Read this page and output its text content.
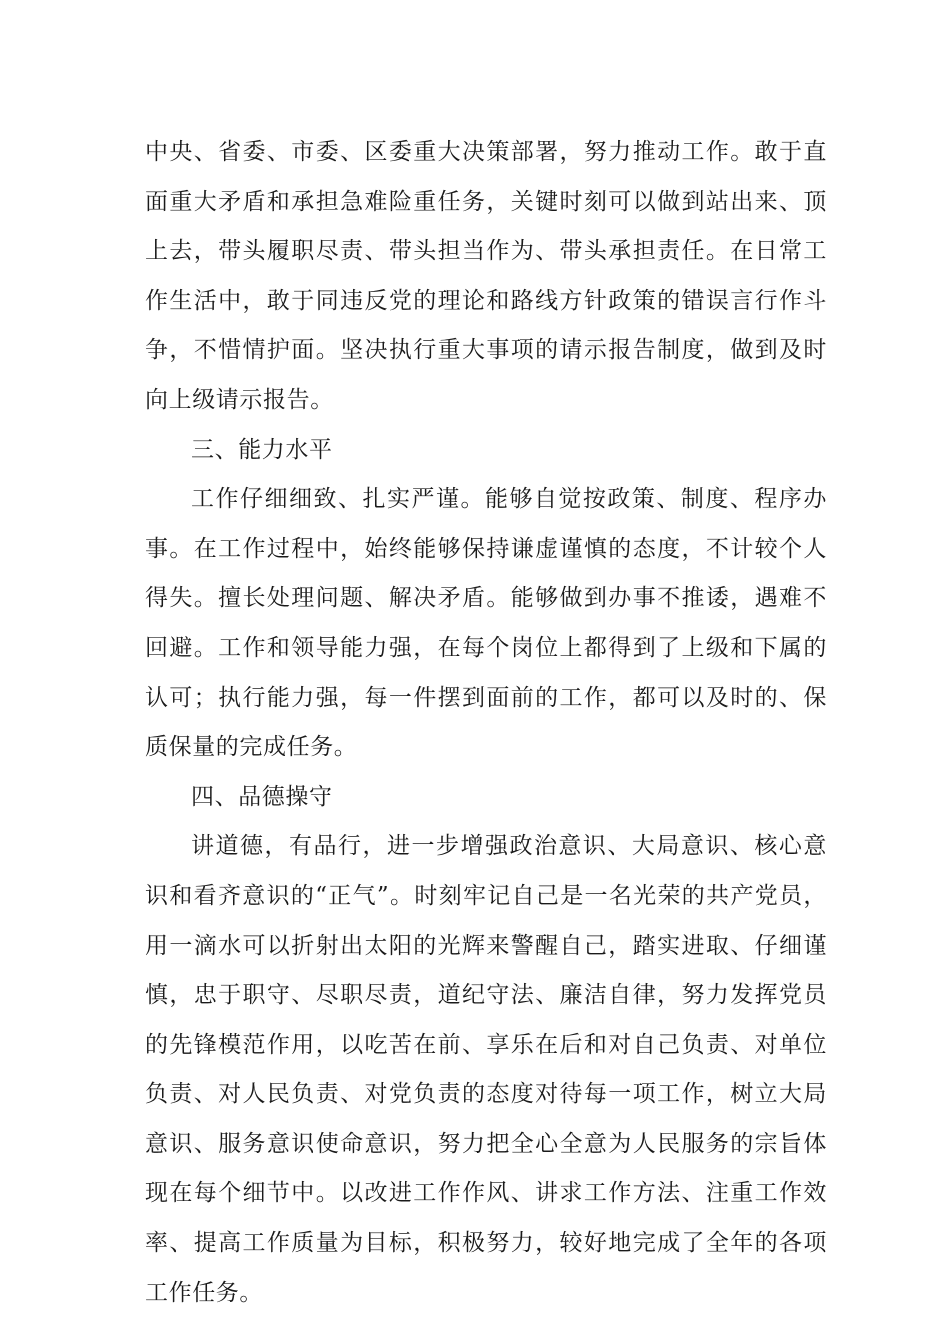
中央、省委、市委、区委重大决策部署，努力推动工作。敢于直面重大矛盾和承担急难险重任务，关键时刻可以做到站出来、顶上去，带头履职尽责、带头担当作为、带头承担责任。在日常工作生活中，敢于同违反党的理论和路线方针政策的错误言行作斗争，不惜情护面。坚决执行重大事项的请示报告制度，做到及时向上级请示报告。

三、能力水平

工作仔细细致、扎实严谨。能够自觉按政策、制度、程序办事。在工作过程中，始终能够保持谦虚谨慎的态度，不计较个人得失。擅长处理问题、解决矛盾。能够做到办事不推诿，遇难不回避。工作和领导能力强，在每个岗位上都得到了上级和下属的认可；执行能力强，每一件摆到面前的工作，都可以及时的、保质保量的完成任务。

四、品德操守

讲道德，有品行，进一步增强政治意识、大局意识、核心意识和看齐意识的“正气”。时刻牢记自己是一名光荣的共产党员，用一滴水可以折射出太阳的光辉来警醒自己，踏实进取、仔细谨慎，忠于职守、尽职尽责，道纪守法、廉洁自律，努力发挥党员的先锋模范作用，以吃苦在前、享乐在后和对自己负责、对单位负责、对人民负责、对党负责的态度对待每一项工作，树立大局意识、服务意识使命意识，努力把全心全意为人民服务的宗旨体现在每个细节中。以改进工作作风、讲求工作方法、注重工作效率、提高工作质量为目标，积极努力，较好地完成了全年的各项工作任务。
